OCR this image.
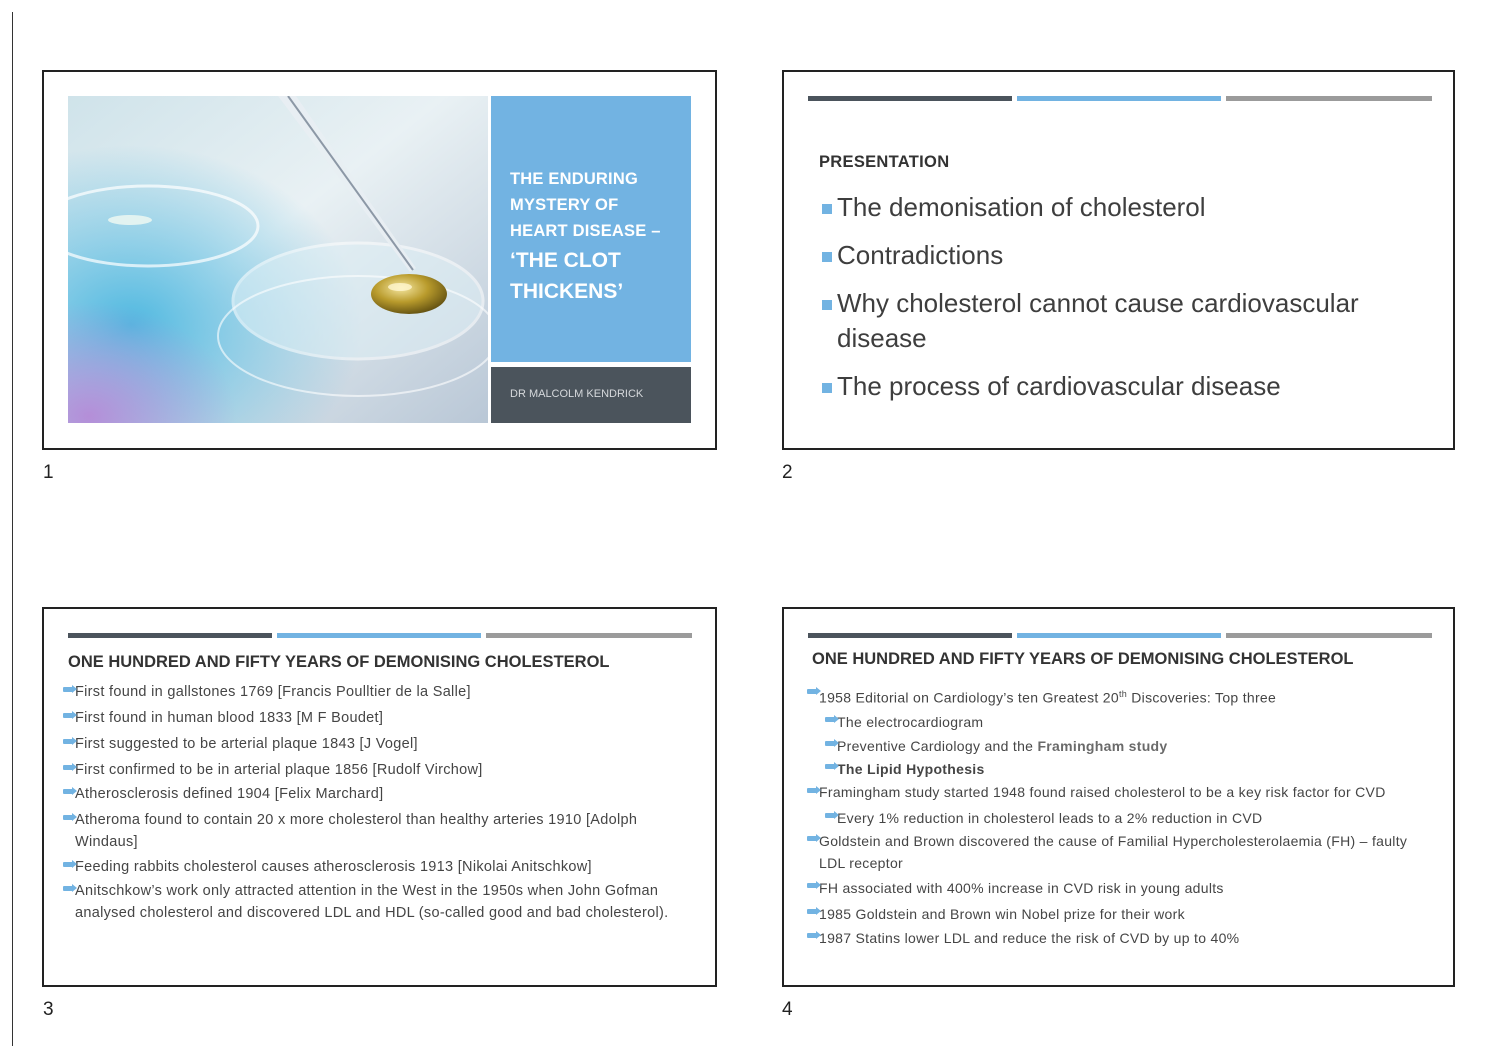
THE ENDURING
MYSTERY OF
HEART DISEASE –
‘THE CLOT
THICKENS’
DR MALCOLM KENDRICK
1
PRESENTATION
The demonisation of cholesterol
Contradictions
Why cholesterol cannot cause cardiovascular disease
The process of cardiovascular disease
2
ONE HUNDRED AND FIFTY YEARS OF DEMONISING CHOLESTEROL
First found in gallstones 1769 [Francis Poulltier de la Salle]
First found in human blood 1833 [M F Boudet]
First suggested to be arterial plaque 1843 [J Vogel]
First confirmed to be in arterial plaque 1856 [Rudolf Virchow]
Atherosclerosis defined 1904 [Felix Marchard]
Atheroma found to contain 20 x more cholesterol than healthy arteries 1910 [Adolph Windaus]
Feeding rabbits cholesterol causes atherosclerosis 1913 [Nikolai Anitschkow]
Anitschkow’s work only attracted attention in the West in the 1950s when John Gofman analysed cholesterol and discovered LDL and HDL (so-called good and bad cholesterol).
3
ONE HUNDRED AND FIFTY YEARS OF DEMONISING CHOLESTEROL
1958 Editorial on Cardiology’s ten Greatest 20th Discoveries: Top three
The electrocardiogram
Preventive Cardiology and the Framingham study
The Lipid Hypothesis
Framingham study started 1948 found raised cholesterol to be a key risk factor for CVD
Every 1% reduction in cholesterol leads to a 2% reduction in CVD
Goldstein and Brown discovered the cause of Familial Hypercholesterolaemia (FH) – faulty LDL receptor
FH associated with 400% increase in CVD risk in young adults
1985 Goldstein and Brown win Nobel prize for their work
1987 Statins lower LDL and reduce the risk of CVD by up to 40%
4
